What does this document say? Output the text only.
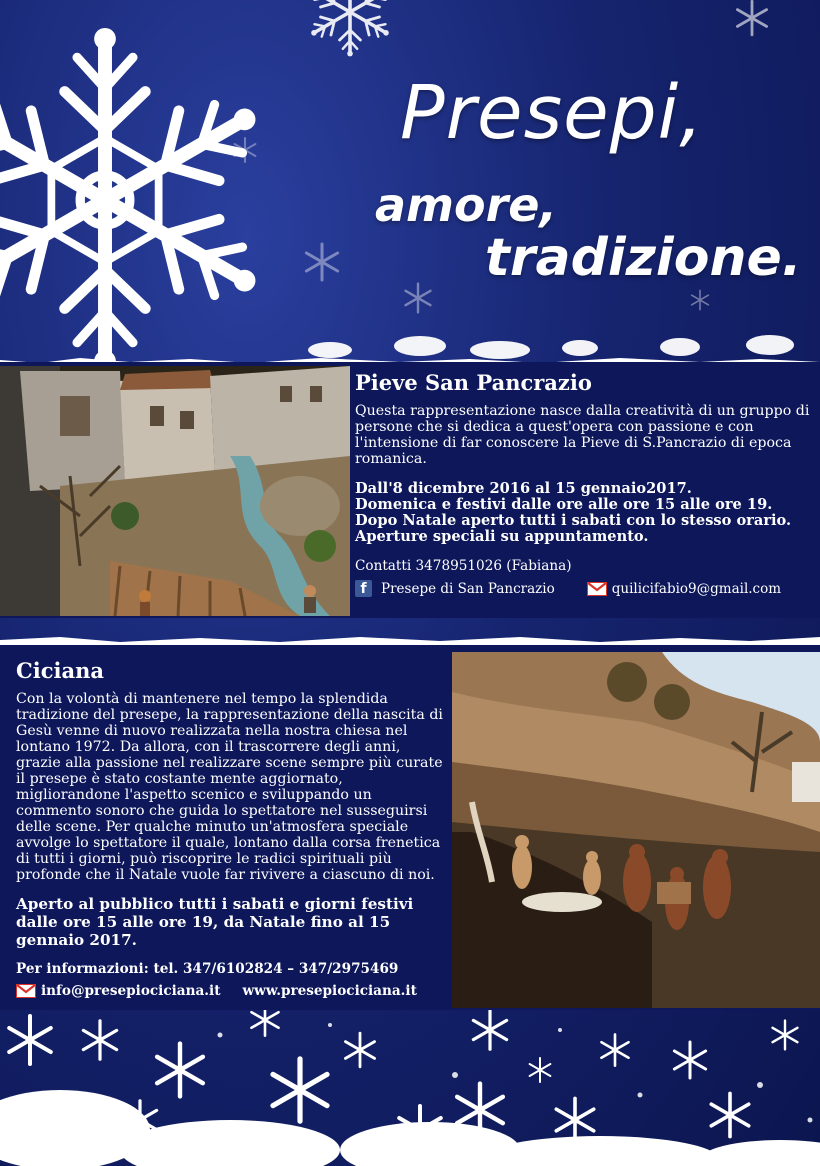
Presepi,
amore,
tradizione.
Pieve San Pancrazio

Questa rappresentazione nasce dalla creatività di un gruppo di persone che si dedica a quest'opera con passione e con l'intensione di far conoscere la Pieve di S.Pancrazio di epoca romanica.

Dall'8 dicembre 2016 al 15 gennaio2017.
Domenica e festivi dalle ore alle ore 15 alle ore 19.
Dopo Natale aperto tutti i sabati con lo stesso orario.
Aperture speciali su appuntamento.

Contatti 3478951026 (Fabiana)

f	Presepe di San Pancrazio	quilicifabio9@gmail.com
Ciciana

Con la volontà di mantenere nel tempo la splendida tradizione del presepe, la rappresentazione della nascita di Gesù venne di nuovo realizzata nella nostra chiesa nel lontano 1972. Da allora, con il trascorrere degli anni, grazie alla passione nel realizzare scene sempre più curate il presepe è stato costante mente aggiornato, migliorandone l'aspetto scenico e sviluppando un commento sonoro che guida lo spettatore nel susseguirsi delle scene. Per qualche minuto un'atmosfera speciale avvolge lo spettatore il quale, lontano dalla corsa frenetica di tutti i giorni, può riscoprire le radici spirituali più profonde che il Natale vuole far rivivere a ciascuno di noi.

Aperto al pubblico tutti i sabati e giorni festivi dalle ore 15 alle ore 19, da Natale fino al 15 gennaio 2017.

Per informazioni: tel. 347/6102824 – 347/2975469

info@presepiociciana.it www.presepiociciana.it
